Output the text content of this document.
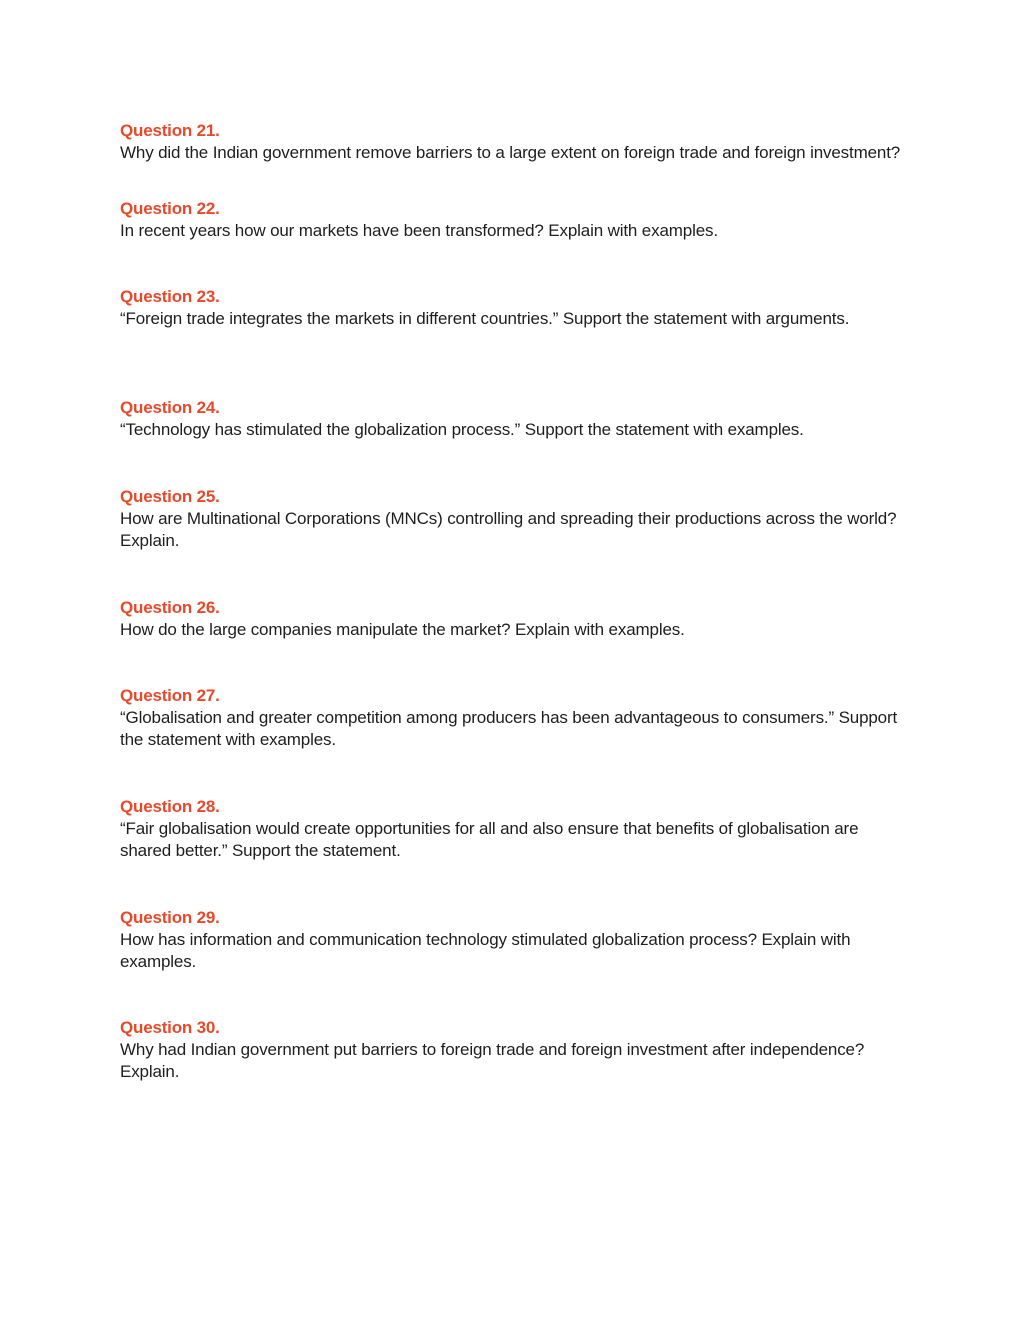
Question 21.

Why did the Indian government remove barriers to a large extent on foreign trade and foreign investment?

Question 22.

In recent years how our markets have been transformed? Explain with examples.

Question 23.

“Foreign trade integrates the markets in different countries.” Support the statement with arguments.

Question 24.

“Technology has stimulated the globalization process.” Support the statement with examples.

Question 25.

How are Multinational Corporations (MNCs) controlling and spreading their productions across the world? Explain.

Question 26.

How do the large companies manipulate the market? Explain with examples.

Question 27.

“Globalisation and greater competition among producers has been advantageous to consumers.” Support the statement with examples.

Question 28.

“Fair globalisation would create opportunities for all and also ensure that benefits of globalisation are shared better.” Support the statement.

Question 29.

How has information and communication technology stimulated globalization process? Explain with examples.

Question 30.

Why had Indian government put barriers to foreign trade and foreign investment after independence? Explain.
